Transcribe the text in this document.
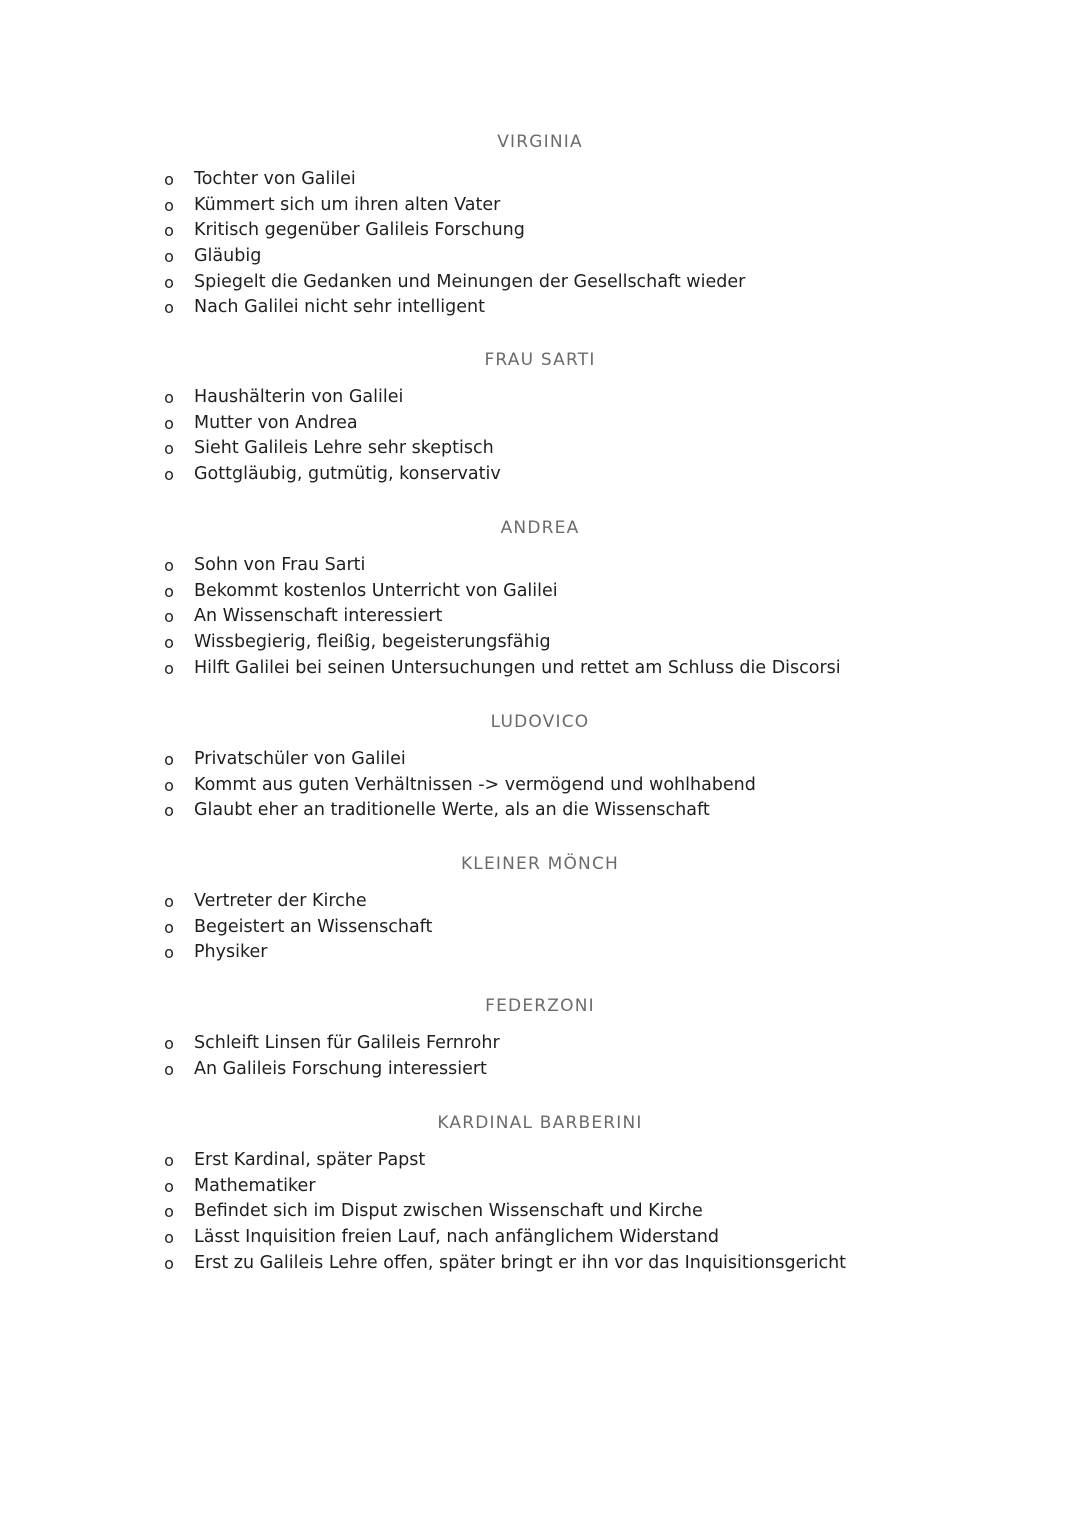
VIRGINIA
o Tochter von Galilei
o Kümmert sich um ihren alten Vater
o Kritisch gegenüber Galileis Forschung
o Gläubig
o Spiegelt die Gedanken und Meinungen der Gesellschaft wieder
o Nach Galilei nicht sehr intelligent
FRAU SARTI
o Haushälterin von Galilei
o Mutter von Andrea
o Sieht Galileis Lehre sehr skeptisch
o Gottgläubig, gutmütig, konservativ
ANDREA
o Sohn von Frau Sarti
o Bekommt kostenlos Unterricht von Galilei
o An Wissenschaft interessiert
o Wissbegierig, fleißig, begeisterungsfähig
o Hilft Galilei bei seinen Untersuchungen und rettet am Schluss die Discorsi
LUDOVICO
o Privatschüler von Galilei
o Kommt aus guten Verhältnissen -> vermögend und wohlhabend
o Glaubt eher an traditionelle Werte, als an die Wissenschaft
KLEINER MÖNCH
o Vertreter der Kirche
o Begeistert an Wissenschaft
o Physiker
FEDERZONI
o Schleift Linsen für Galileis Fernrohr
o An Galileis Forschung interessiert
KARDINAL BARBERINI
o Erst Kardinal, später Papst
o Mathematiker
o Befindet sich im Disput zwischen Wissenschaft und Kirche
o Lässt Inquisition freien Lauf, nach anfänglichem Widerstand
o Erst zu Galileis Lehre offen, später bringt er ihn vor das Inquisitionsgericht
